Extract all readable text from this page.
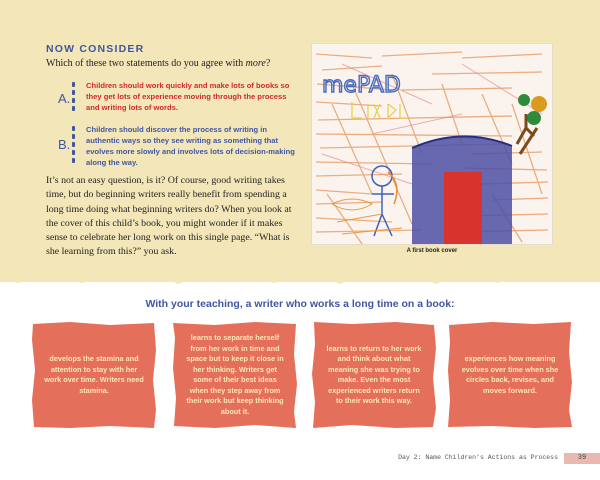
NOW CONSIDER
Which of these two statements do you agree with more?
A.
Children should work quickly and make lots of books so they get lots of experience moving through the process and writing lots of words.
B.
Children should discover the process of writing in authentic ways so they see writing as something that evolves more slowly and involves lots of decision-making along the way.
It’s not an easy question, is it? Of course, good writing takes time, but do beginning writers really benefit from spending a long time doing what beginning writers do? When you look at the cover of this child’s book, you might wonder if it makes sense to celebrate her long work on this single page. “What is she learning from this?” you ask.
mePAD
A first book cover
With your teaching, a writer who works a long time on a book:
develops the stamina and attention to stay with her work over time. Writers need stamina.
learns to separate herself from her work in time and space but to keep it close in her thinking. Writers get some of their best ideas when they step away from their work but keep thinking about it.
learns to return to her work and think about what meaning she was trying to make. Even the most experienced writers return to their work this way.
experiences how meaning evolves over time when she circles back, revises, and moves forward.
Day 2: Name Children’s Actions as Process	39
